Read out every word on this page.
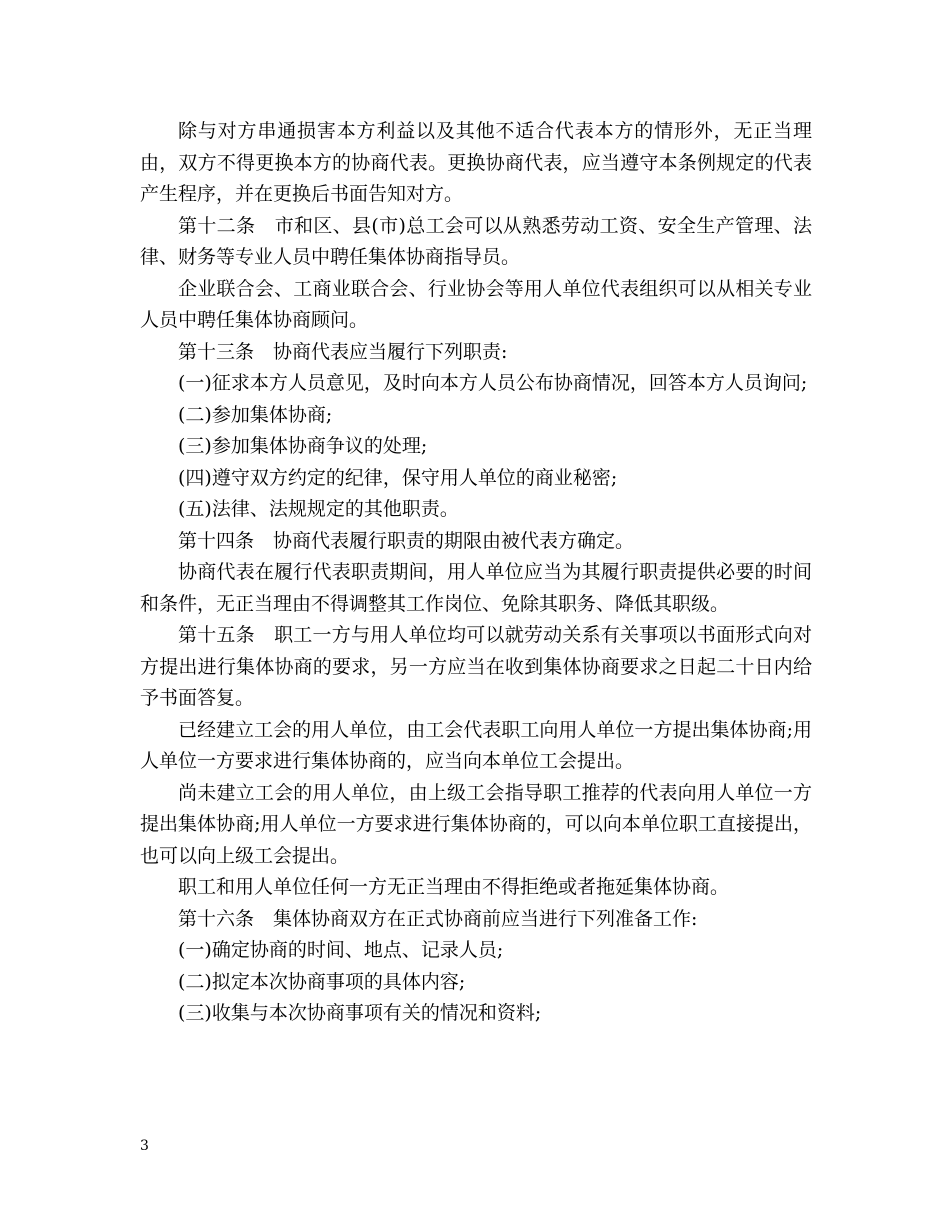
除与对方串通损害本方利益以及其他不适合代表本方的情形外，无正当理由，双方不得更换本方的协商代表。更换协商代表，应当遵守本条例规定的代表产生程序，并在更换后书面告知对方。

第十二条　市和区、县(市)总工会可以从熟悉劳动工资、安全生产管理、法律、财务等专业人员中聘任集体协商指导员。

企业联合会、工商业联合会、行业协会等用人单位代表组织可以从相关专业人员中聘任集体协商顾问。

第十三条　协商代表应当履行下列职责:

(一)征求本方人员意见，及时向本方人员公布协商情况，回答本方人员询问;

(二)参加集体协商;

(三)参加集体协商争议的处理;

(四)遵守双方约定的纪律，保守用人单位的商业秘密;

(五)法律、法规规定的其他职责。

第十四条　协商代表履行职责的期限由被代表方确定。

协商代表在履行代表职责期间，用人单位应当为其履行职责提供必要的时间和条件，无正当理由不得调整其工作岗位、免除其职务、降低其职级。

第十五条　职工一方与用人单位均可以就劳动关系有关事项以书面形式向对方提出进行集体协商的要求，另一方应当在收到集体协商要求之日起二十日内给予书面答复。

已经建立工会的用人单位，由工会代表职工向用人单位一方提出集体协商;用人单位一方要求进行集体协商的，应当向本单位工会提出。

尚未建立工会的用人单位，由上级工会指导职工推荐的代表向用人单位一方提出集体协商;用人单位一方要求进行集体协商的，可以向本单位职工直接提出，也可以向上级工会提出。

职工和用人单位任何一方无正当理由不得拒绝或者拖延集体协商。

第十六条　集体协商双方在正式协商前应当进行下列准备工作:

(一)确定协商的时间、地点、记录人员;

(二)拟定本次协商事项的具体内容;

(三)收集与本次协商事项有关的情况和资料;

3
